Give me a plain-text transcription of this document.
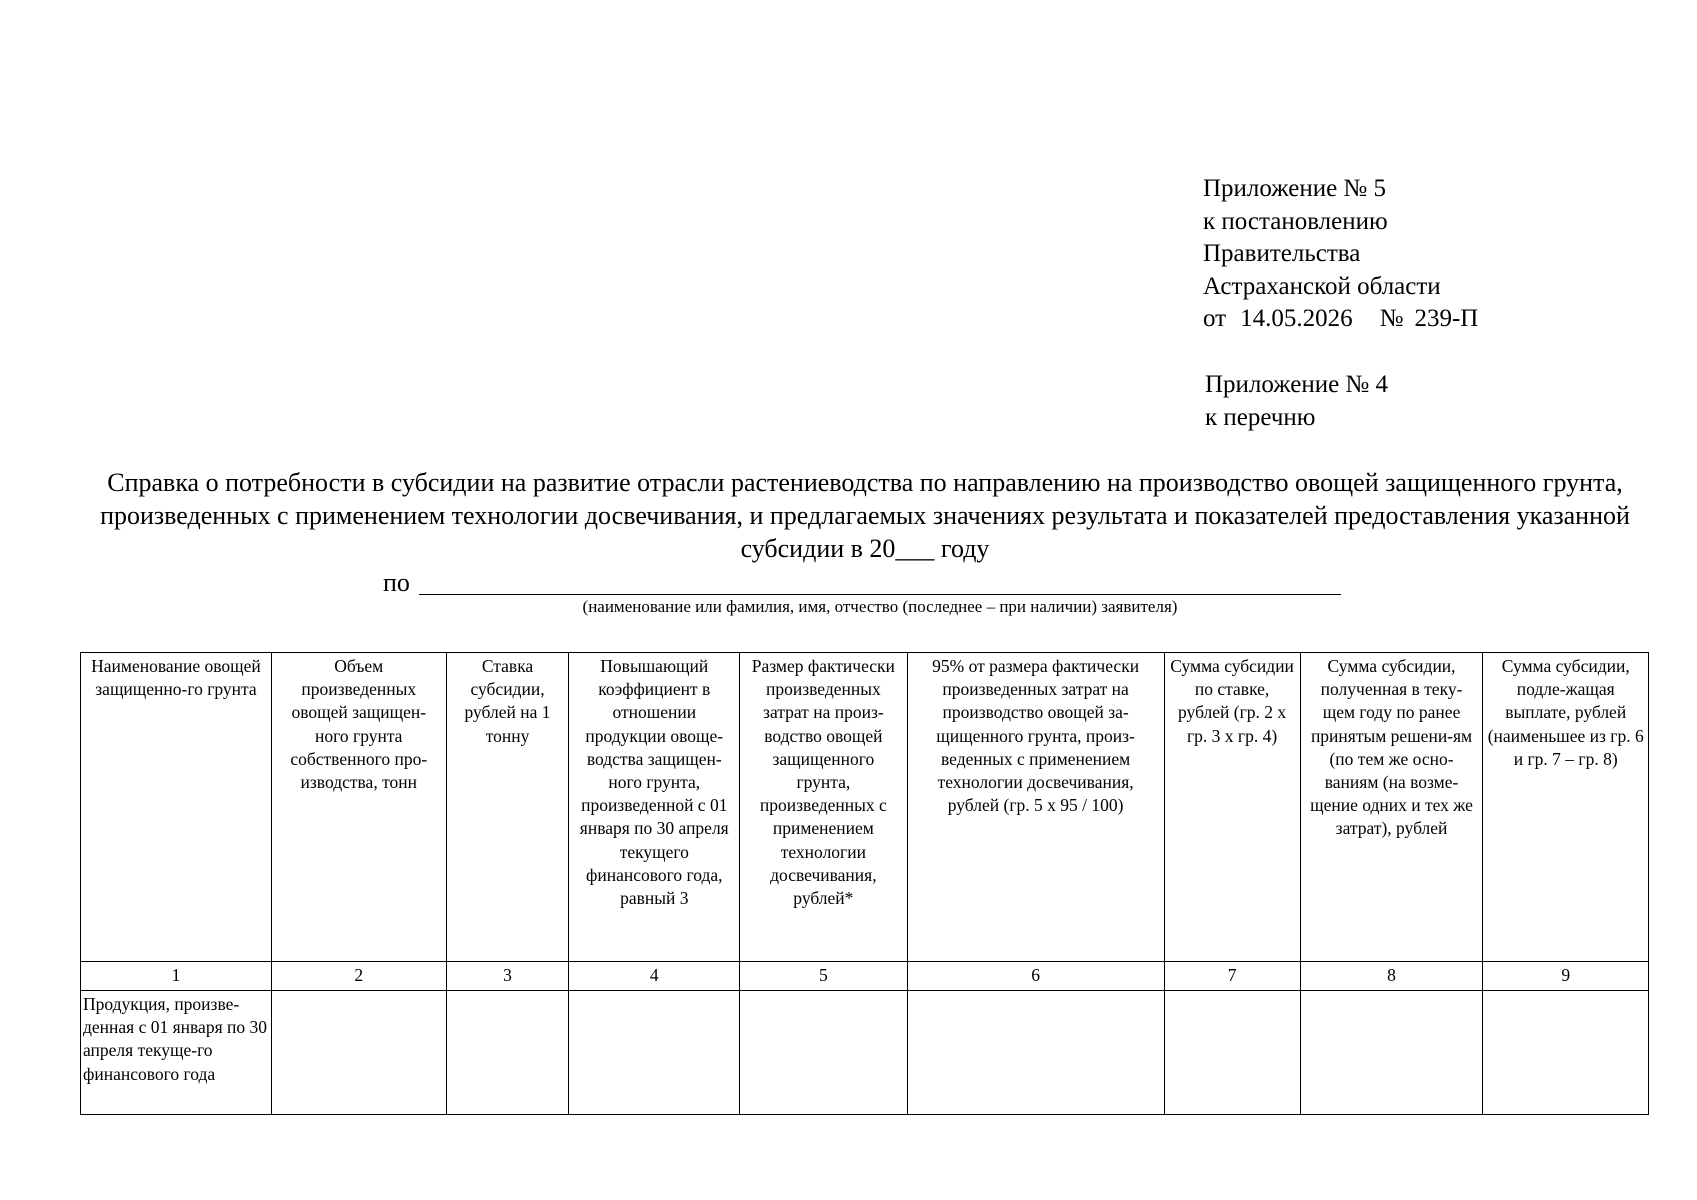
Приложение № 5
к постановлению
Правительства
Астраханской области
от 14.05.2026 № 239-П
Приложение № 4
к перечню
Справка о потребности в субсидии на развитие отрасли растениеводства по направлению на производство овощей защищенного грунта, произведенных с применением технологии досвечивания, и предлагаемых значениях результата и показателей предоставления указанной субсидии в 20___ году
по
(наименование или фамилия, имя, отчество (последнее – при наличии) заявителя)
Наименование овощей защищенно-го грунта	Объем произведенных овощей защищен-ного грунта собственного про-изводства, тонн	Ставка субсидии, рублей на 1 тонну	Повышающий коэффициент в отношении продукции овоще-водства защищен-ного грунта, произведенной с 01 января по 30 апреля текущего финансового года, равный 3	Размер фактически произведенных затрат на произ-водство овощей защищенного грунта, произведенных с применением технологии досвечивания, рублей*	95% от размера фактически произведенных затрат на производство овощей за-щищенного грунта, произ-веденных с применением технологии досвечивания, рублей (гр. 5 х 95 / 100)	Сумма субсидии по ставке, рублей (гр. 2 х гр. 3 х гр. 4)	Сумма субсидии, полученная в теку-щем году по ранее принятым решени-ям (по тем же осно-ваниям (на возме-щение одних и тех же затрат), рублей	Сумма субсидии, подле-жащая выплате, рублей (наименьшее из гр. 6 и гр. 7 – гр. 8)
1	2	3	4	5	6	7	8	9
Продукция, произве-денная с 01 января по 30 апреля текуще-го финансового года								
